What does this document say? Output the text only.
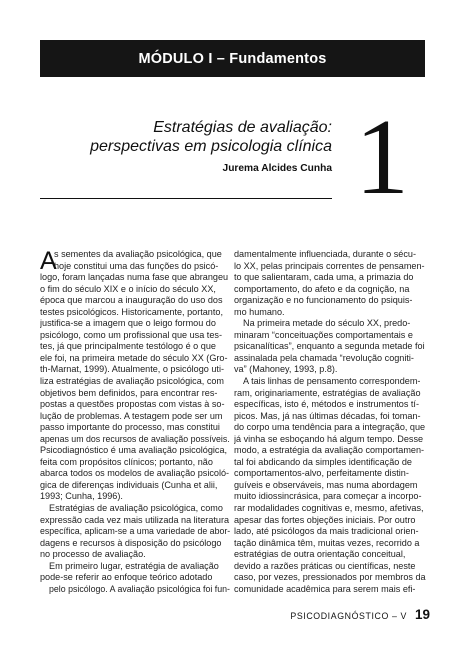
MÓDULO I – Fundamentos
Estratégias de avaliação:
perspectivas em psicologia clínica
Jurema Alcides Cunha 1
A
s sementes da avaliação psicológica, que
hoje constitui uma das funções do psicó-
logo, foram lançadas numa fase que abrangeu
o fim do século XIX e o início do século XX,
época que marcou a inauguração do uso dos
testes psicológicos. Historicamente, portanto,
justifica-se a imagem que o leigo formou do
psicólogo, como um profissional que usa tes-
tes, já que principalmente testólogo é o que
ele foi, na primeira metade do século XX (Gro-
th-Marnat, 1999). Atualmente, o psicólogo uti-
liza estratégias de avaliação psicológica, com
objetivos bem definidos, para encontrar res-
postas a questões propostas com vistas à so-
lução de problemas. A testagem pode ser um
passo importante do processo, mas constitui
apenas um dos recursos de avaliação possíveis.
Psicodiagnóstico é uma avaliação psicológica,
feita com propósitos clínicos; portanto, não
abarca todos os modelos de avaliação psicoló-
gica de diferenças individuais (Cunha et alii,
1993; Cunha, 1996).
Estratégias de avaliação psicológica, como
expressão cada vez mais utilizada na literatura
específica, aplicam-se a uma variedade de abor-
dagens e recursos à disposição do psicólogo
no processo de avaliação.
Em primeiro lugar, estratégia de avaliação
pode-se referir ao enfoque teórico adotado
pelo psicólogo. A avaliação psicológica foi fun-
damentalmente influenciada, durante o sécu-
lo XX, pelas principais correntes de pensamen-
to que salientaram, cada uma, a primazia do
comportamento, do afeto e da cognição, na
organização e no funcionamento do psiquis-
mo humano.
Na primeira metade do século XX, predo-
minaram “conceituações comportamentais e
psicanalíticas”, enquanto a segunda metade foi
assinalada pela chamada “revolução cogniti-
va” (Mahoney, 1993, p.8).
A tais linhas de pensamento correspondem-
ram, originariamente, estratégias de avaliação
específicas, isto é, métodos e instrumentos tí-
picos. Mas, já nas últimas décadas, foi toman-
do corpo uma tendência para a integração, que
já vinha se esboçando há algum tempo. Desse
modo, a estratégia da avaliação comportamen-
tal foi abdicando da simples identificação de
comportamentos-alvo, perfeitamente distin-
guíveis e observáveis, mas numa abordagem
muito idiossincrásica, para começar a incorpo-
rar modalidades cognitivas e, mesmo, afetivas,
apesar das fortes objeções iniciais. Por outro
lado, até psicólogos da mais tradicional orien-
tação dinâmica têm, muitas vezes, recorrido a
estratégias de outra orientação conceitual,
devido a razões práticas ou científicas, neste
caso, por vezes, pressionados por membros da
comunidade acadêmica para serem mais efi-
PSICODIAGNÓSTICO – V 19
